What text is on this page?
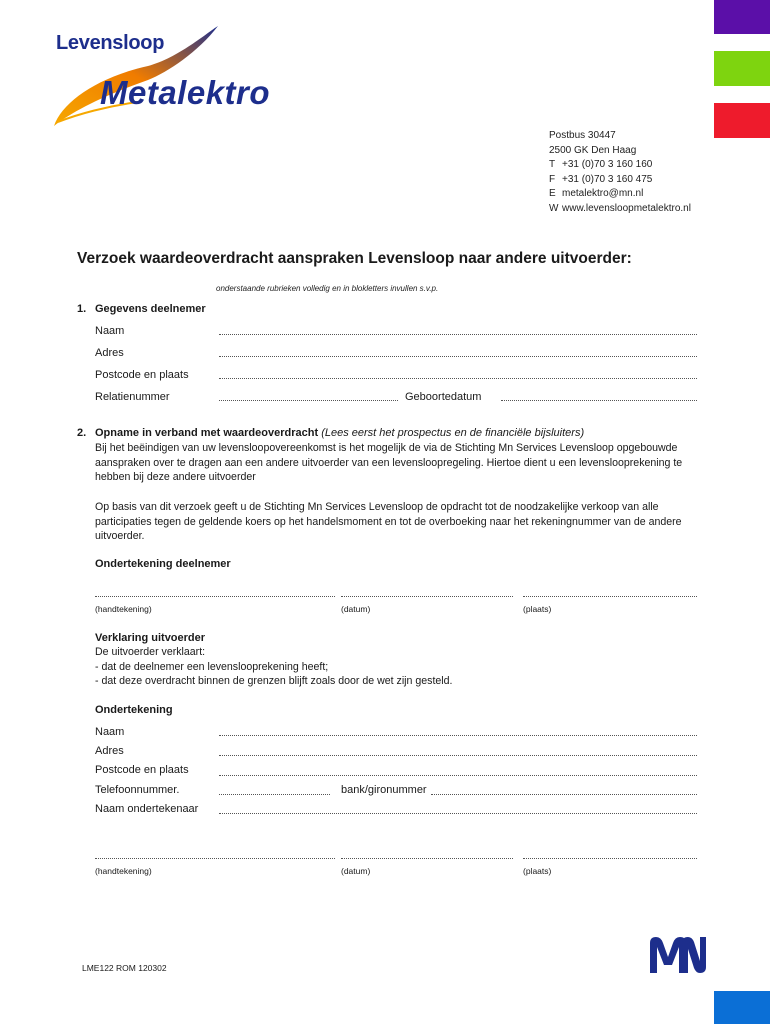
Levensloop
Metalektro
Postbus 30447
2500 GK Den Haag
T +31 (0)70 3 160 160
F +31 (0)70 3 160 475
E metalektro@mn.nl
W www.levensloopmetalektro.nl
Verzoek waardeoverdracht aanspraken Levensloop naar andere uitvoerder:
onderstaande rubrieken volledig en in blokletters invullen s.v.p.
1. Gegevens deelnemer
Naam
Adres
Postcode en plaats
Relatienummer	Geboortedatum
2. Opname in verband met waardeoverdracht (Lees eerst het prospectus en de financiële bijsluiters)
Bij het beëindigen van uw levensloopovereenkomst is het mogelijk de via de Stichting Mn Services Levensloop opgebouwde
aanspraken over te dragen aan een andere uitvoerder van een levensloopregeling. Hiertoe dient u een levenslooprekening te
hebben bij deze andere uitvoerder
Op basis van dit verzoek geeft u de Stichting Mn Services Levensloop de opdracht tot de noodzakelijke verkoop van alle
participaties tegen de geldende koers op het handelsmoment en tot de overboeking naar het rekeningnummer van de andere
uitvoerder.
Ondertekening deelnemer
(handtekening)	(datum)	(plaats)
Verklaring uitvoerder
De uitvoerder verklaart:
- dat de deelnemer een levenslooprekening heeft;
- dat deze overdracht binnen de grenzen blijft zoals door de wet zijn gesteld.
Ondertekening
Naam
Adres
Postcode en plaats
Telefoonnummer.	bank/gironummer
Naam ondertekenaar
(handtekening)	(datum)	(plaats)
LME122 ROM 120302
